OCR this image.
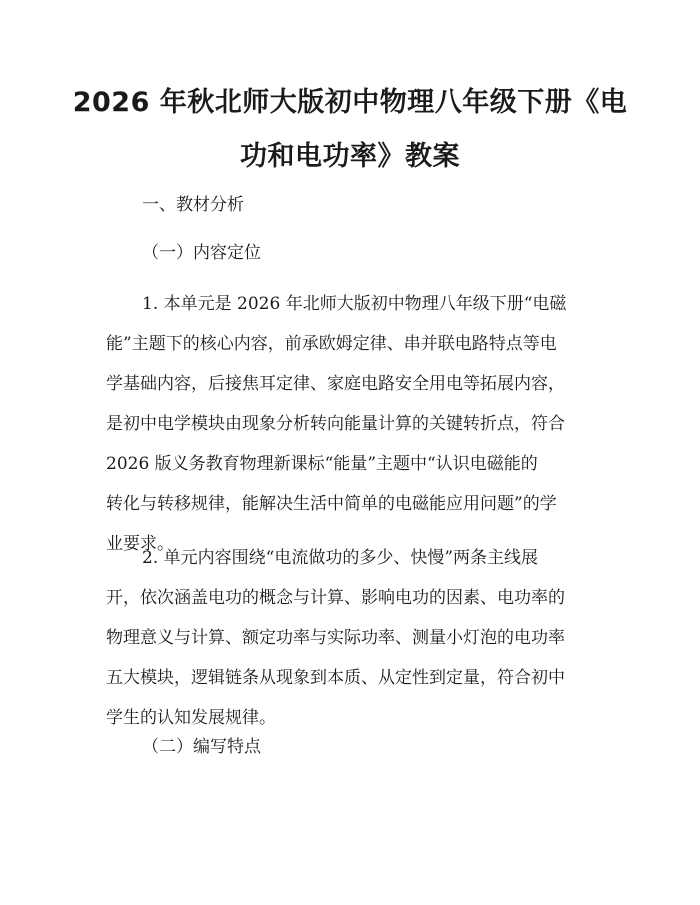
2026 年秋北师大版初中物理八年级下册《电
功和电功率》教案
一、教材分析
（一）内容定位
1. 本单元是 2026 年北师大版初中物理八年级下册“电磁
能”主题下的核心内容，前承欧姆定律、串并联电路特点等电
学基础内容，后接焦耳定律、家庭电路安全用电等拓展内容，
是初中电学模块由现象分析转向能量计算的关键转折点，符合
2026 版义务教育物理新课标“能量”主题中“认识电磁能的
转化与转移规律，能解决生活中简单的电磁能应用问题”的学
业要求。
2. 单元内容围绕“电流做功的多少、快慢”两条主线展
开，依次涵盖电功的概念与计算、影响电功的因素、电功率的
物理意义与计算、额定功率与实际功率、测量小灯泡的电功率
五大模块，逻辑链条从现象到本质、从定性到定量，符合初中
学生的认知发展规律。
（二）编写特点
